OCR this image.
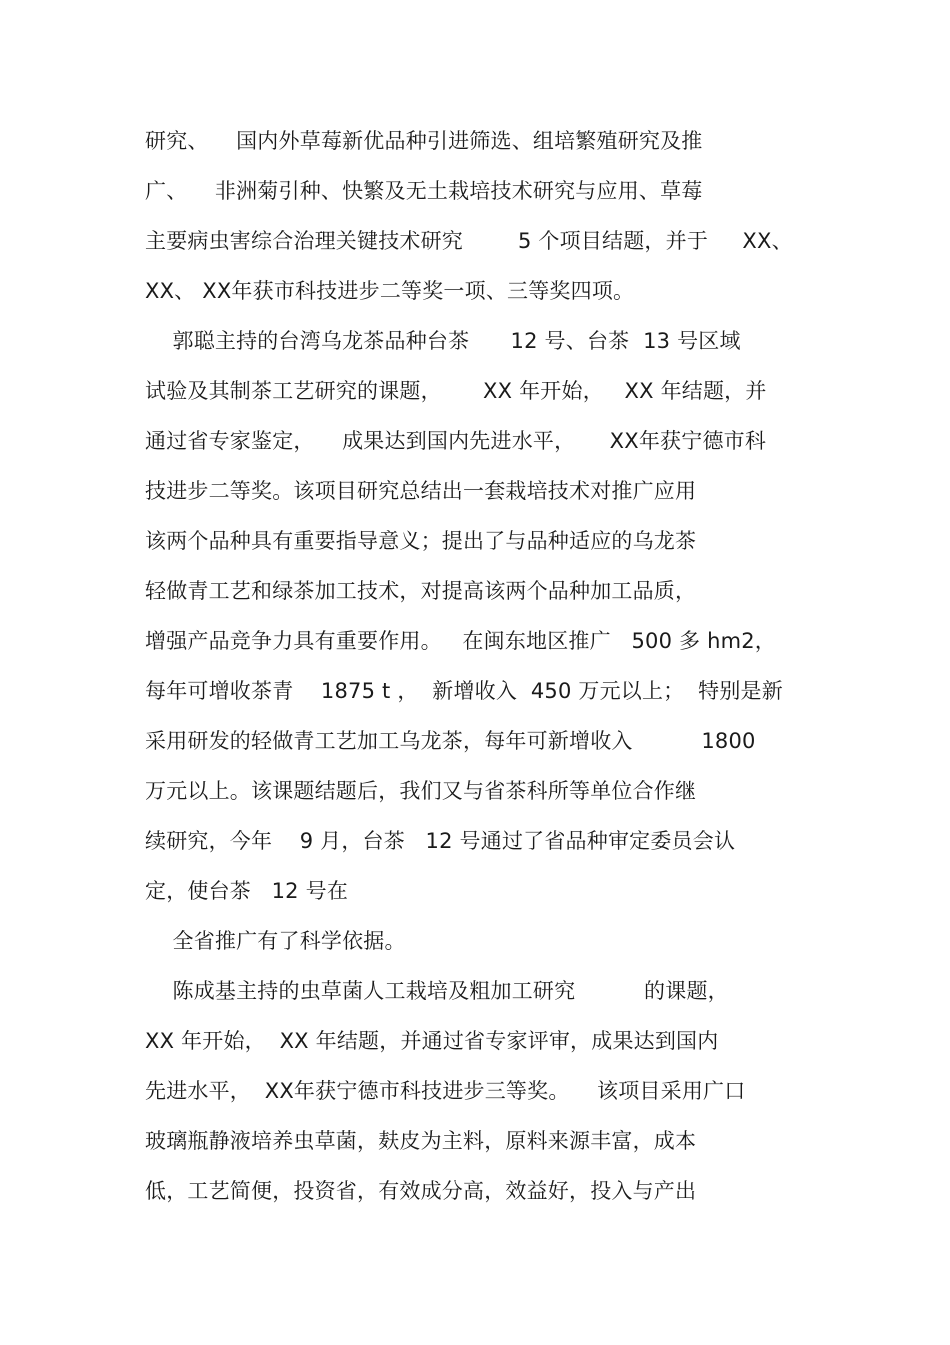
研究、    国内外草莓新优品种引进筛选、组培繁殖研究及推
广、    非洲菊引种、快繁及无土栽培技术研究与应用、草莓
主要病虫害综合治理关键技术研究        5 个项目结题，并于     XX、
XX、 XX年获市科技进步二等奖一项、三等奖四项。
郭聪主持的台湾乌龙茶品种台茶      12 号、台茶  13 号区域
试验及其制茶工艺研究的课题，      XX 年开始，   XX 年结题，并
通过省专家鉴定，    成果达到国内先进水平，     XX年获宁德市科
技进步二等奖。该项目研究总结出一套栽培技术对推广应用
该两个品种具有重要指导意义；提出了与品种适应的乌龙茶
轻做青工艺和绿茶加工技术，对提高该两个品种加工品质，
增强产品竞争力具有重要作用。   在闽东地区推广   500 多 hm2，
每年可增收茶青    1875 t ，  新增收入  450 万元以上；  特别是新
采用研发的轻做青工艺加工乌龙茶，每年可新增收入          1800
万元以上。该课题结题后，我们又与省茶科所等单位合作继
续研究，今年    9 月，台茶   12 号通过了省品种审定委员会认
定，使台茶   12 号在
全省推广有了科学依据。
陈成基主持的虫草菌人工栽培及粗加工研究          的课题，
XX 年开始，  XX 年结题，并通过省专家评审，成果达到国内
先进水平，  XX年获宁德市科技进步三等奖。    该项目采用广口
玻璃瓶静液培养虫草菌，麸皮为主料，原料来源丰富，成本
低，工艺简便，投资省，有效成分高，效益好，投入与产出
